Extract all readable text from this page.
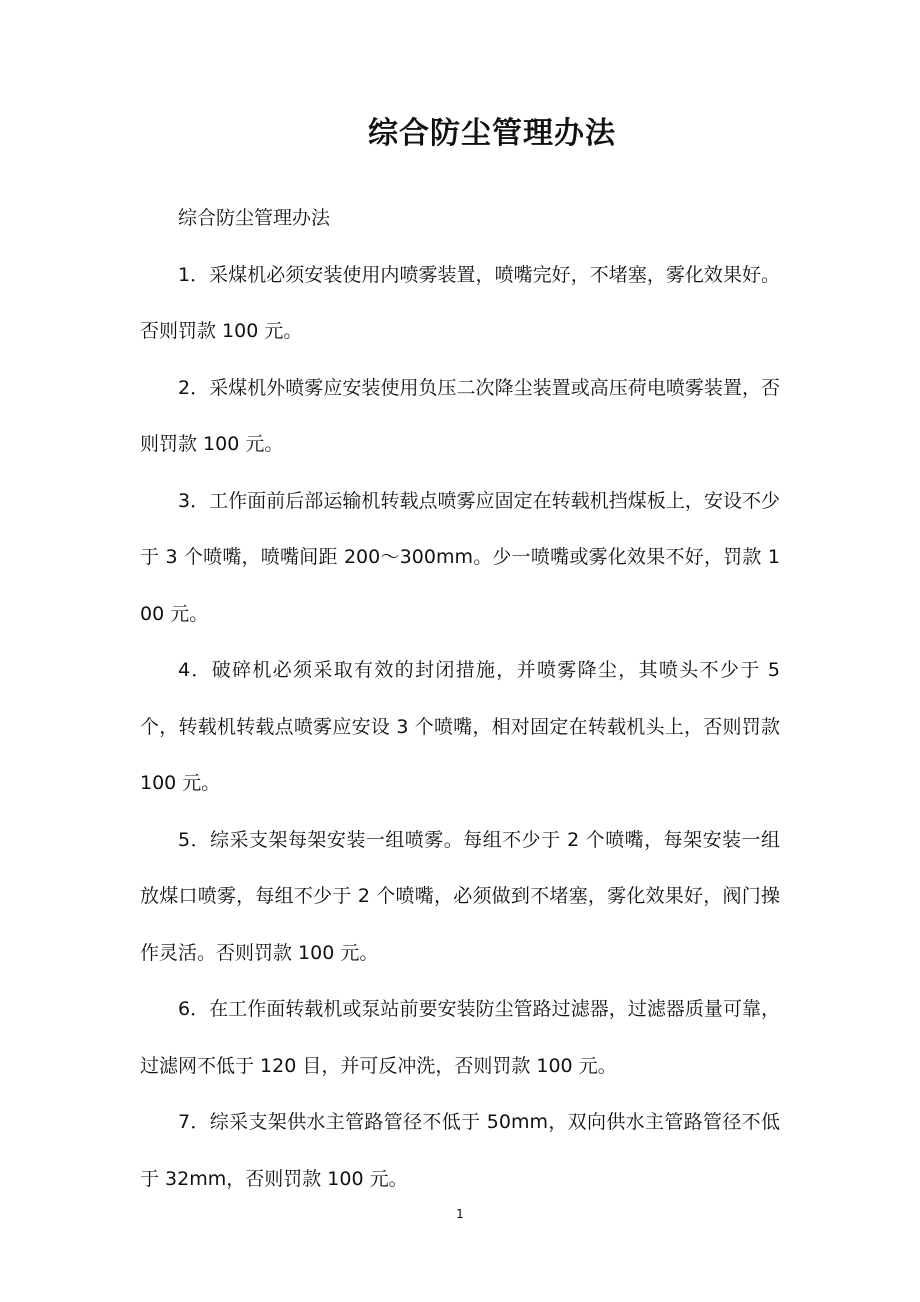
综合防尘管理办法

综合防尘管理办法

1．采煤机必须安装使用内喷雾装置，喷嘴完好，不堵塞，雾化效果好。否则罚款 100 元。

2．采煤机外喷雾应安装使用负压二次降尘装置或高压荷电喷雾装置，否则罚款 100 元。

3．工作面前后部运输机转载点喷雾应固定在转载机挡煤板上，安设不少于 3 个喷嘴，喷嘴间距 200～300mm。少一喷嘴或雾化效果不好，罚款 100 元。

4．破碎机必须采取有效的封闭措施，并喷雾降尘，其喷头不少于 5 个，转载机转载点喷雾应安设 3 个喷嘴，相对固定在转载机头上，否则罚款 100 元。

5．综采支架每架安装一组喷雾。每组不少于 2 个喷嘴，每架安装一组放煤口喷雾，每组不少于 2 个喷嘴，必须做到不堵塞，雾化效果好，阀门操作灵活。否则罚款 100 元。

6．在工作面转载机或泵站前要安装防尘管路过滤器，过滤器质量可靠，过滤网不低于 120 目，并可反冲洗，否则罚款 100 元。

7．综采支架供水主管路管径不低于 50mm，双向供水主管路管径不低于 32mm，否则罚款 100 元。

1
